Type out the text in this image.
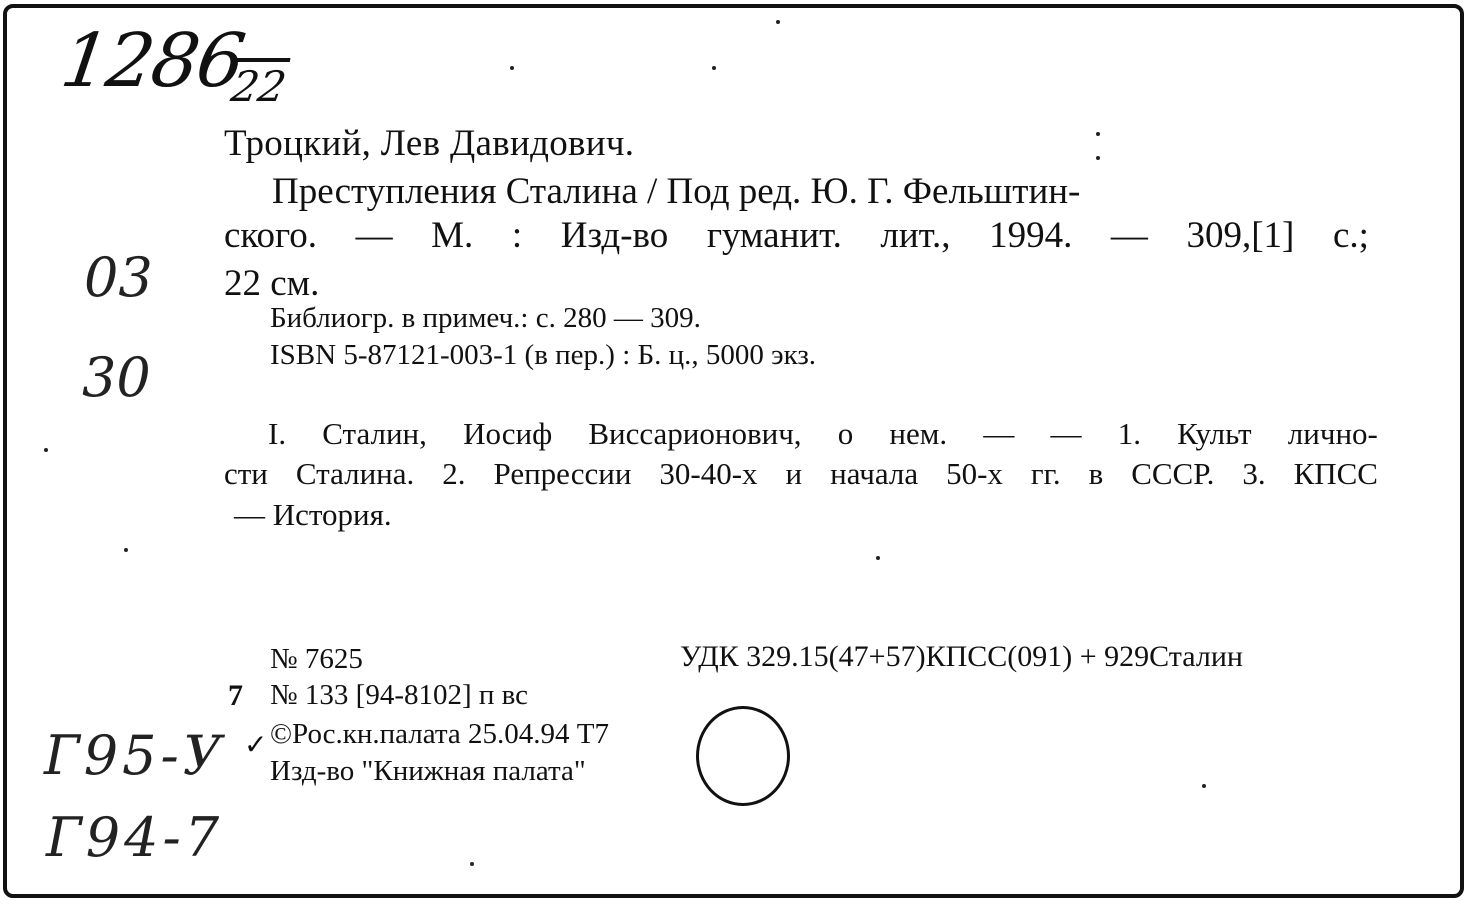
1286
22
03
30
Г95-У
Г94-7
Троцкий, Лев Давидович.
Преступления Сталина / Под ред. Ю. Г. Фельштин-
ского. — М. : Изд-во гуманит. лит., 1994. — 309,[1] с.;
22 см.
Библиогр. в примеч.: с. 280 — 309.
ISBN 5-87121-003-1 (в пер.) : Б. ц., 5000 экз.
I. Сталин, Иосиф Виссарионович, о нем. — — 1. Культ лично-
сти Сталина. 2. Репрессии 30-40-х и начала 50-х гг. в СССР. 3. КПСС
— История.
№ 7625	УДК 329.15(47+57)КПСС(091) + 929Сталин
7 № 133 [94-8102] п вс
✓ ©Рос.кн.палата 25.04.94 Т7
Изд-во "Книжная палата"
